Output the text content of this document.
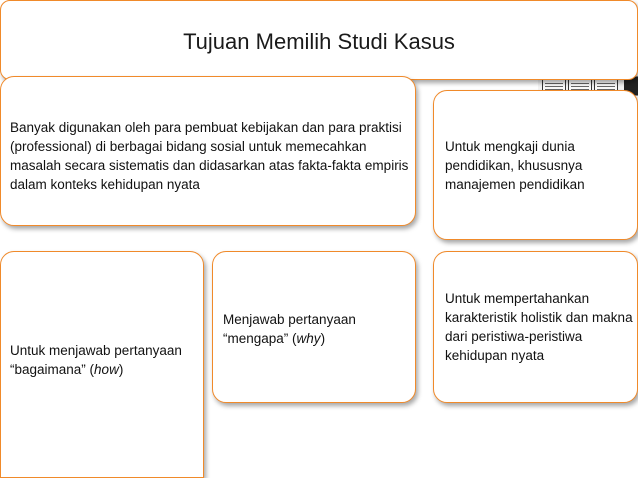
Tujuan Memilih Studi Kasus
Banyak digunakan oleh para pembuat kebijakan dan para praktisi (professional) di berbagai bidang sosial untuk memecahkan masalah secara sistematis dan didasarkan atas fakta-fakta empiris dalam konteks kehidupan nyata
Untuk mengkaji dunia pendidikan, khususnya manajemen pendidikan
Untuk menjawab pertanyaan “bagaimana” (how)
Menjawab pertanyaan “mengapa” (why)
Untuk mempertahankan karakteristik holistik dan makna dari peristiwa-peristiwa kehidupan nyata
